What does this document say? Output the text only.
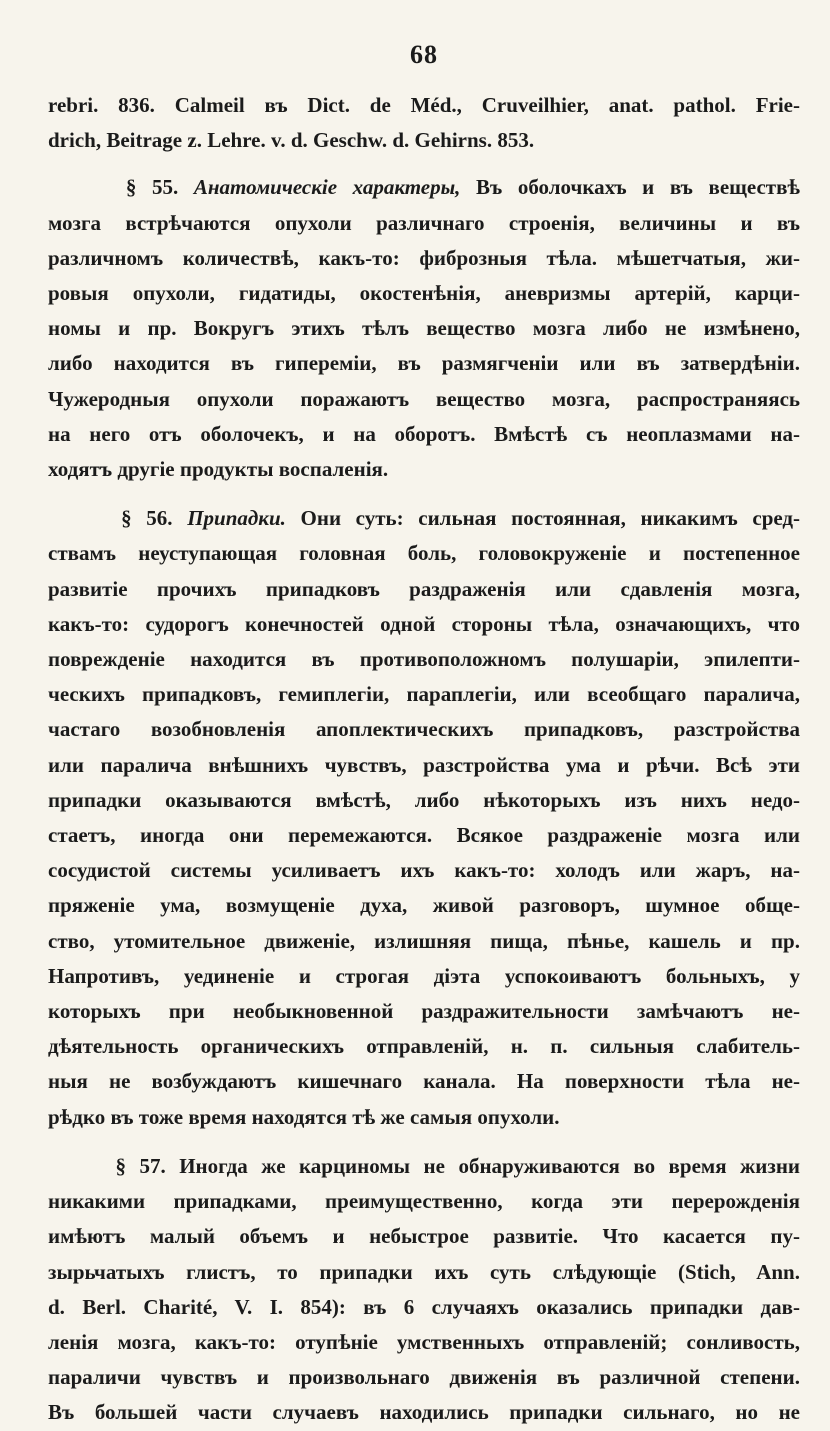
68
rebri. 836. Calmeil въ Dict. de Méd., Cruveilhier, anat. pathol. Frie-
drich, Beitrage z. Lehre. v. d. Geschw. d. Gehirns. 853.
§ 55. Анатомическіе характеры, Въ оболочкахъ и въ веществѣ
мозга встрѣчаются опухоли различнаго строенія, величины и въ
различномъ количествѣ, какъ-то: фиброзныя тѣла. мѣшетчатыя, жи-
ровыя опухоли, гидатиды, окостенѣнія, аневризмы артерій, карци-
номы и пр. Вокругъ этихъ тѣлъ вещество мозга либо не измѣнено,
либо находится въ гипереміи, въ размягченіи или въ затвердѣніи.
Чужеродныя опухоли поражаютъ вещество мозга, распространяясь
на него отъ оболочекъ, и на оборотъ. Вмѣстѣ съ неоплазмами на-
ходятъ другіе продукты воспаленія.
§ 56. Припадки. Они суть: сильная постоянная, никакимъ сред-
ствамъ неуступающая головная боль, головокруженіе и постепенное
развитіе прочихъ припадковъ раздраженія или сдавленія мозга,
какъ-то: судорогъ конечностей одной стороны тѣла, означающихъ, что
поврежденіе находится въ противоположномъ полушаріи, эпилепти-
ческихъ припадковъ, гемиплегіи, параплегіи, или всеобщаго паралича,
частаго возобновленія апоплектическихъ припадковъ, разстройства
или паралича внѣшнихъ чувствъ, разстройства ума и рѣчи. Всѣ эти
припадки оказываются вмѣстѣ, либо нѣкоторыхъ изъ нихъ недо-
стаетъ, иногда они перемежаются. Всякое раздраженіе мозга или
сосудистой системы усиливаетъ ихъ какъ-то: холодъ или жаръ, на-
пряженіе ума, возмущеніе духа, живой разговоръ, шумное обще-
ство, утомительное движеніе, излишняя пища, пѣнье, кашель и пр.
Напротивъ, уединеніе и строгая діэта успокоиваютъ больныхъ, у
которыхъ при необыкновенной раздражительности замѣчаютъ не-
дѣятельность органическихъ отправленій, н. п. сильныя слабитель-
ныя не возбуждаютъ кишечнаго канала. На поверхности тѣла не-
рѣдко въ тоже время находятся тѣ же самыя опухоли.
§ 57. Иногда же карциномы не обнаруживаются во время жизни
никакими припадками, преимущественно, когда эти перерожденія
имѣютъ малый объемъ и небыстрое развитіе. Что касается пу-
зырьчатыхъ глистъ, то припадки ихъ суть слѣдующіе (Stich, Ann.
d. Berl. Charité, V. I. 854): въ 6 случаяхъ оказались припадки дав-
ленія мозга, какъ-то: отупѣніе умственныхъ отправленій; сонливость,
параличи чувствъ и произвольнаго движенія въ различной степени.
Въ большей части случаевъ находились припадки сильнаго, но не
